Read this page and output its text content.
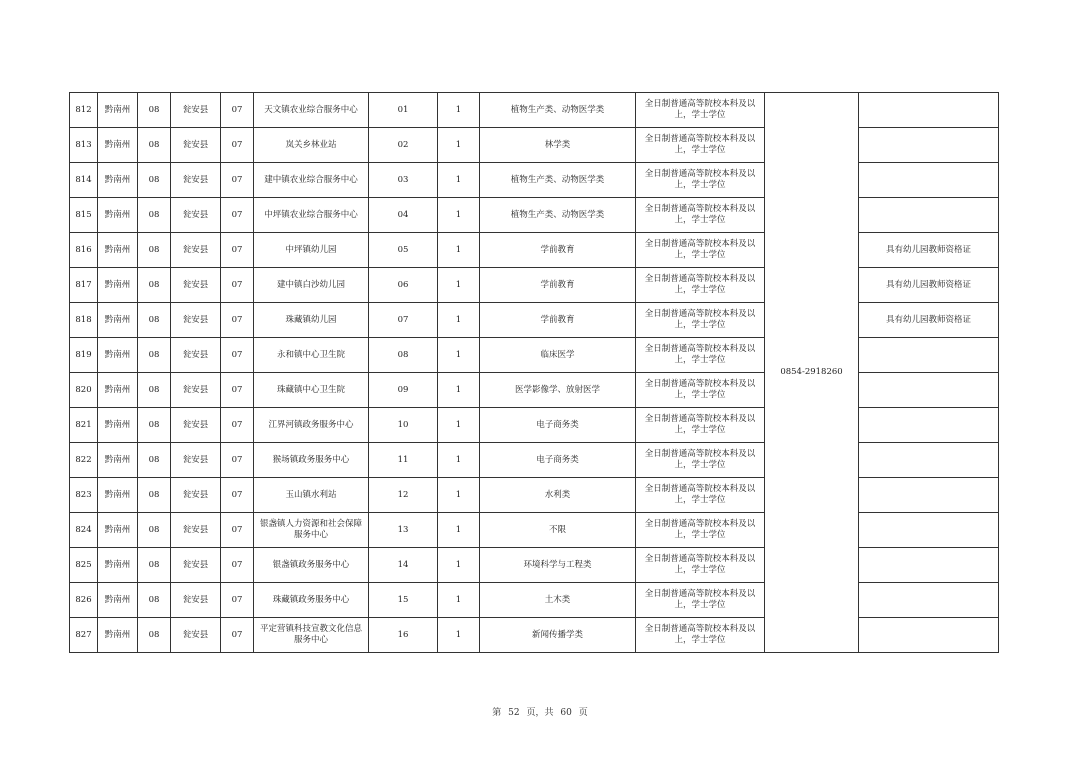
812	黔南州	08	瓮安县	07	天文镇农业综合服务中心	01	1	植物生产类、动物医学类	全日制普通高等院校本科及以上，学士学位	0854-2918260	
813	黔南州	08	瓮安县	07	岚关乡林业站	02	1	林学类	全日制普通高等院校本科及以上，学士学位		
814	黔南州	08	瓮安县	07	建中镇农业综合服务中心	03	1	植物生产类、动物医学类	全日制普通高等院校本科及以上，学士学位		
815	黔南州	08	瓮安县	07	中坪镇农业综合服务中心	04	1	植物生产类、动物医学类	全日制普通高等院校本科及以上，学士学位		
816	黔南州	08	瓮安县	07	中坪镇幼儿园	05	1	学前教育	全日制普通高等院校本科及以上，学士学位		具有幼儿园教师资格证
817	黔南州	08	瓮安县	07	建中镇白沙幼儿园	06	1	学前教育	全日制普通高等院校本科及以上，学士学位		具有幼儿园教师资格证
818	黔南州	08	瓮安县	07	珠藏镇幼儿园	07	1	学前教育	全日制普通高等院校本科及以上，学士学位		具有幼儿园教师资格证
819	黔南州	08	瓮安县	07	永和镇中心卫生院	08	1	临床医学	全日制普通高等院校本科及以上，学士学位		
820	黔南州	08	瓮安县	07	珠藏镇中心卫生院	09	1	医学影像学、放射医学	全日制普通高等院校本科及以上，学士学位		
821	黔南州	08	瓮安县	07	江界河镇政务服务中心	10	1	电子商务类	全日制普通高等院校本科及以上，学士学位		
822	黔南州	08	瓮安县	07	猴场镇政务服务中心	11	1	电子商务类	全日制普通高等院校本科及以上，学士学位		
823	黔南州	08	瓮安县	07	玉山镇水利站	12	1	水利类	全日制普通高等院校本科及以上，学士学位		
824	黔南州	08	瓮安县	07	银盏镇人力资源和社会保障服务中心	13	1	不限	全日制普通高等院校本科及以上，学士学位		
825	黔南州	08	瓮安县	07	银盏镇政务服务中心	14	1	环境科学与工程类	全日制普通高等院校本科及以上，学士学位		
826	黔南州	08	瓮安县	07	珠藏镇政务服务中心	15	1	土木类	全日制普通高等院校本科及以上，学士学位		
827	黔南州	08	瓮安县	07	平定营镇科技宣教文化信息服务中心	16	1	新闻传播学类	全日制普通高等院校本科及以上，学士学位		
第 52 页，共 60 页
